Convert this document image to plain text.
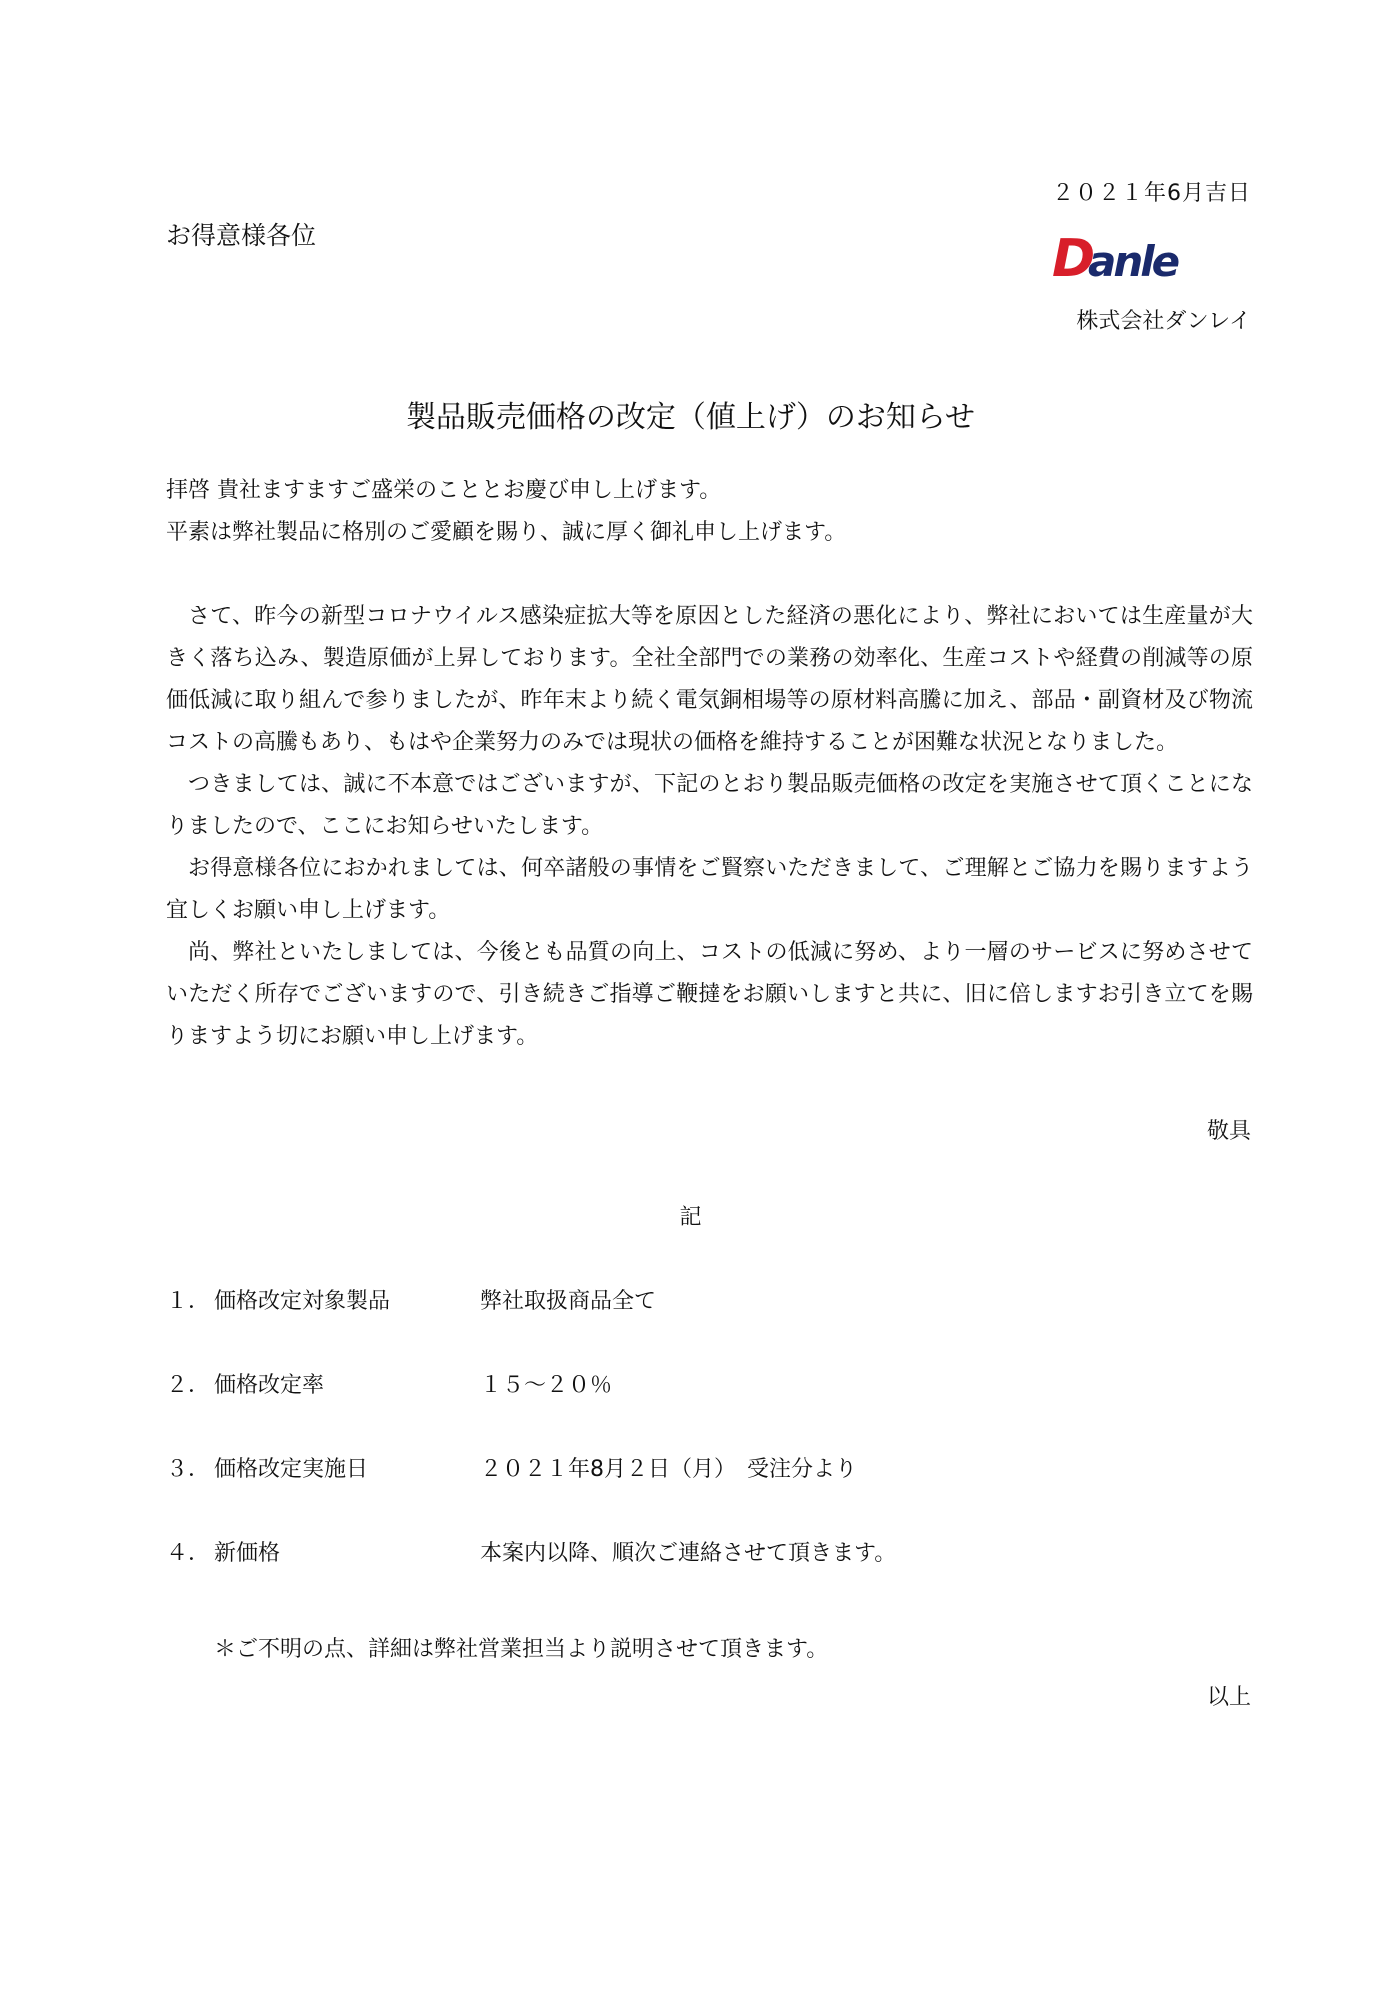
２０２１年6月吉日
お得意様各位	D
anle
株式会社ダンレイ
製品販売価格の改定（値上げ）のお知らせ
拝啓 貴社ますますご盛栄のこととお慶び申し上げます。
平素は弊社製品に格別のご愛顧を賜り、誠に厚く御礼申し上げます。

さて、昨今の新型コロナウイルス感染症拡大等を原因とした経済の悪化により、弊社においては生産量が大きく落ち込み、製造原価が上昇しております。全社全部門での業務の効率化、生産コストや経費の削減等の原価低減に取り組んで参りましたが、昨年末より続く電気銅相場等の原材料高騰に加え、部品・副資材及び物流コストの高騰もあり、もはや企業努力のみでは現状の価格を維持することが困難な状況となりました。

つきましては、誠に不本意ではございますが、下記のとおり製品販売価格の改定を実施させて頂くことになりましたので、ここにお知らせいたします。

お得意様各位におかれましては、何卒諸般の事情をご賢察いただきまして、ご理解とご協力を賜りますよう宜しくお願い申し上げます。

尚、弊社といたしましては、今後とも品質の向上、コストの低減に努め、より一層のサービスに努めさせていただく所存でございますので、引き続きご指導ご鞭撻をお願いしますと共に、旧に倍しますお引き立てを賜りますよう切にお願い申し上げます。

敬具
記
１． 価格改定対象製品	弊社取扱商品全て
２． 価格改定率	１５～２０％
３． 価格改定実施日	２０２１年8月２日（月）　受注分より
４． 新価格	本案内以降、順次ご連絡させて頂きます。
＊ご不明の点、詳細は弊社営業担当より説明させて頂きます。
以上
